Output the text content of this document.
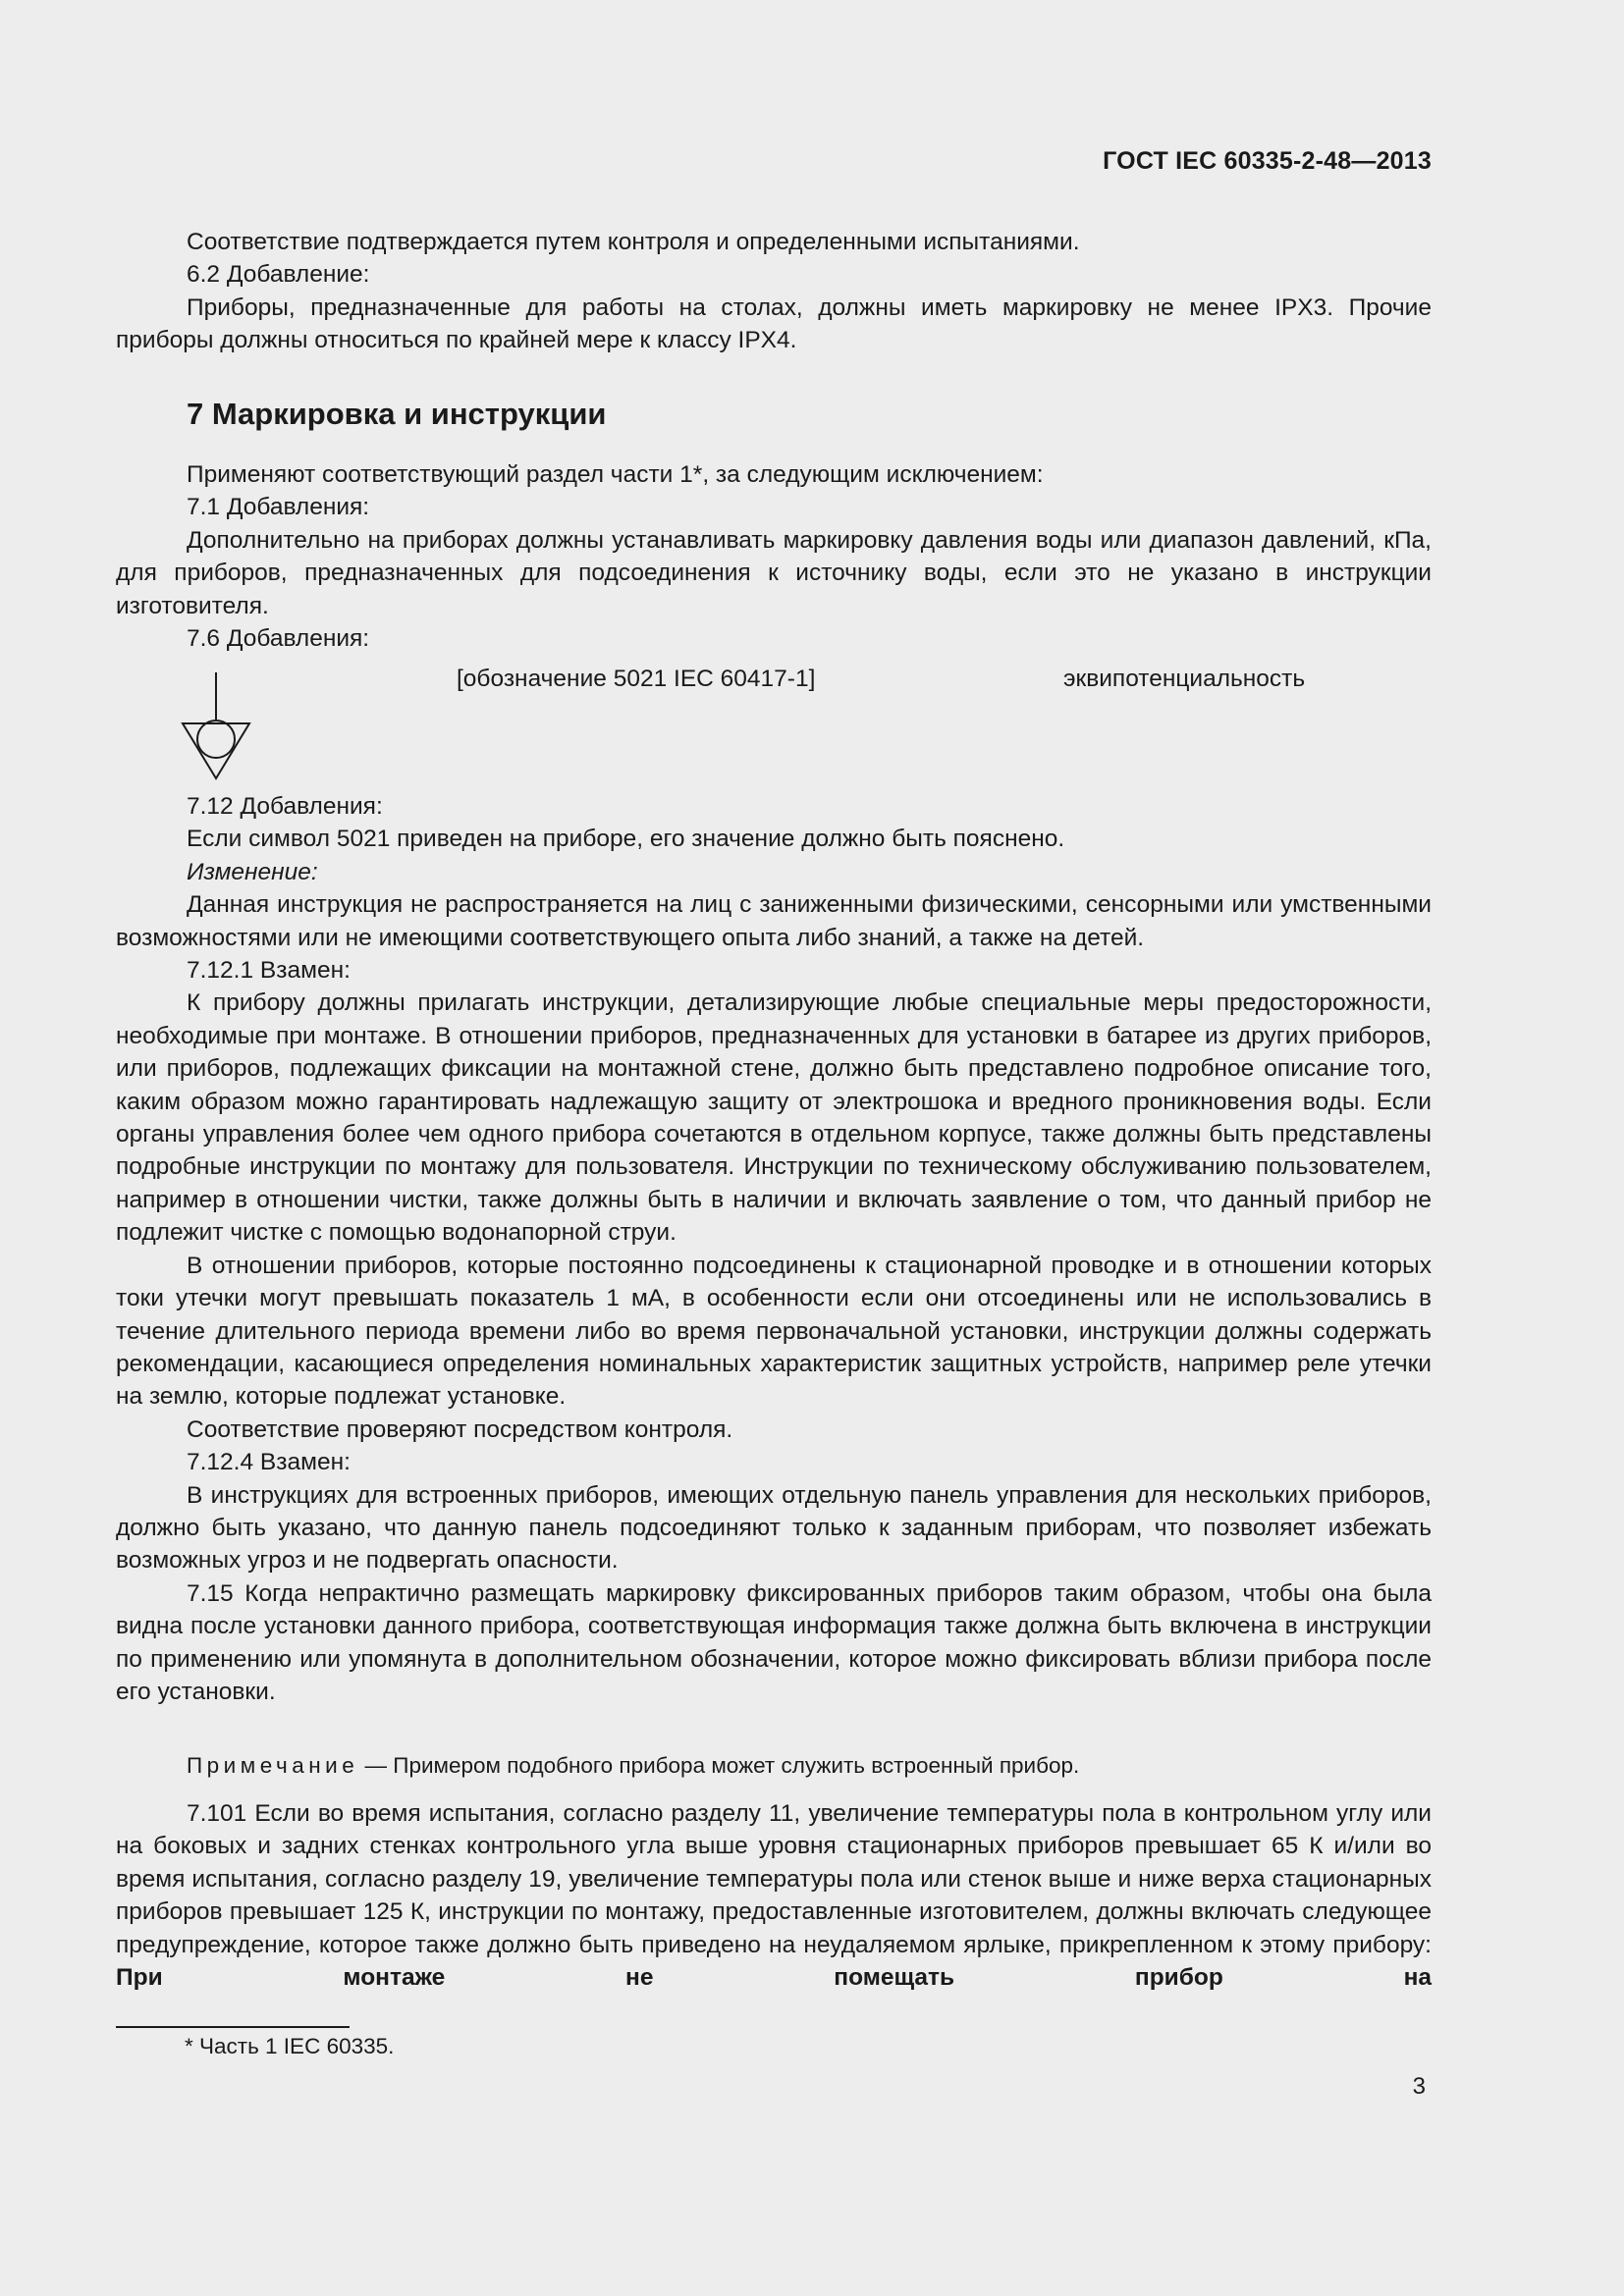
ГОСТ IEC 60335-2-48—2013

Соответствие подтверждается путем контроля и определенными испытаниями.

6.2 Добавление:

Приборы, предназначенные для работы на столах, должны иметь маркировку не менее IPX3. Прочие приборы должны относиться по крайней мере к классу IPX4.

7 Маркировка и инструкции

Применяют соответствующий раздел части 1*, за следующим исключением:

7.1 Добавления:

Дополнительно на приборах должны устанавливать маркировку давления воды или диапазон давлений, кПа, для приборов, предназначенных для подсоединения к источнику воды, если это не указано в инструкции изготовителя.

7.6 Добавления:

[обозначение 5021 IEC 60417-1]	эквипотенциальность

7.12 Добавления:

Если символ 5021 приведен на приборе, его значение должно быть пояснено.

Изменение:

Данная инструкция не распространяется на лиц с заниженными физическими, сенсорными или умственными возможностями или не имеющими соответствующего опыта либо знаний, а также на детей.

7.12.1 Взамен:

К прибору должны прилагать инструкции, детализирующие любые специальные меры предосторожности, необходимые при монтаже. В отношении приборов, предназначенных для установки в батарее из других приборов, или приборов, подлежащих фиксации на монтажной стене, должно быть представлено подробное описание того, каким образом можно гарантировать надлежащую защиту от электрошока и вредного проникновения воды. Если органы управления более чем одного прибора сочетаются в отдельном корпусе, также должны быть представлены подробные инструкции по монтажу для пользователя. Инструкции по техническому обслуживанию пользователем, например в отношении чистки, также должны быть в наличии и включать заявление о том, что данный прибор не подлежит чистке с помощью водонапорной струи.

В отношении приборов, которые постоянно подсоединены к стационарной проводке и в отношении которых токи утечки могут превышать показатель 1 мА, в особенности если они отсоединены или не использовались в течение длительного периода времени либо во время первоначальной установки, инструкции должны содержать рекомендации, касающиеся определения номинальных характеристик защитных устройств, например реле утечки на землю, которые подлежат установке.

Соответствие проверяют посредством контроля.

7.12.4 Взамен:

В инструкциях для встроенных приборов, имеющих отдельную панель управления для нескольких приборов, должно быть указано, что данную панель подсоединяют только к заданным приборам, что позволяет избежать возможных угроз и не подвергать опасности.

7.15 Когда непрактично размещать маркировку фиксированных приборов таким образом, чтобы она была видна после установки данного прибора, соответствующая информация также должна быть включена в инструкции по применению или упомянута в дополнительном обозначении, которое можно фиксировать вблизи прибора после его установки.

Примечание — Примером подобного прибора может служить встроенный прибор.

7.101 Если во время испытания, согласно разделу 11, увеличение температуры пола в контрольном углу или на боковых и задних стенках контрольного угла выше уровня стационарных приборов превышает 65 К и/или во время испытания, согласно разделу 19, увеличение температуры пола или стенок выше и ниже верха стационарных приборов превышает 125 К, инструкции по монтажу, предоставленные изготовителем, должны включать следующее предупреждение, которое также должно быть приведено на неудаляемом ярлыке, прикрепленном к этому прибору: При монтаже не помещать прибор на

* Часть 1 IEC 60335.
3
